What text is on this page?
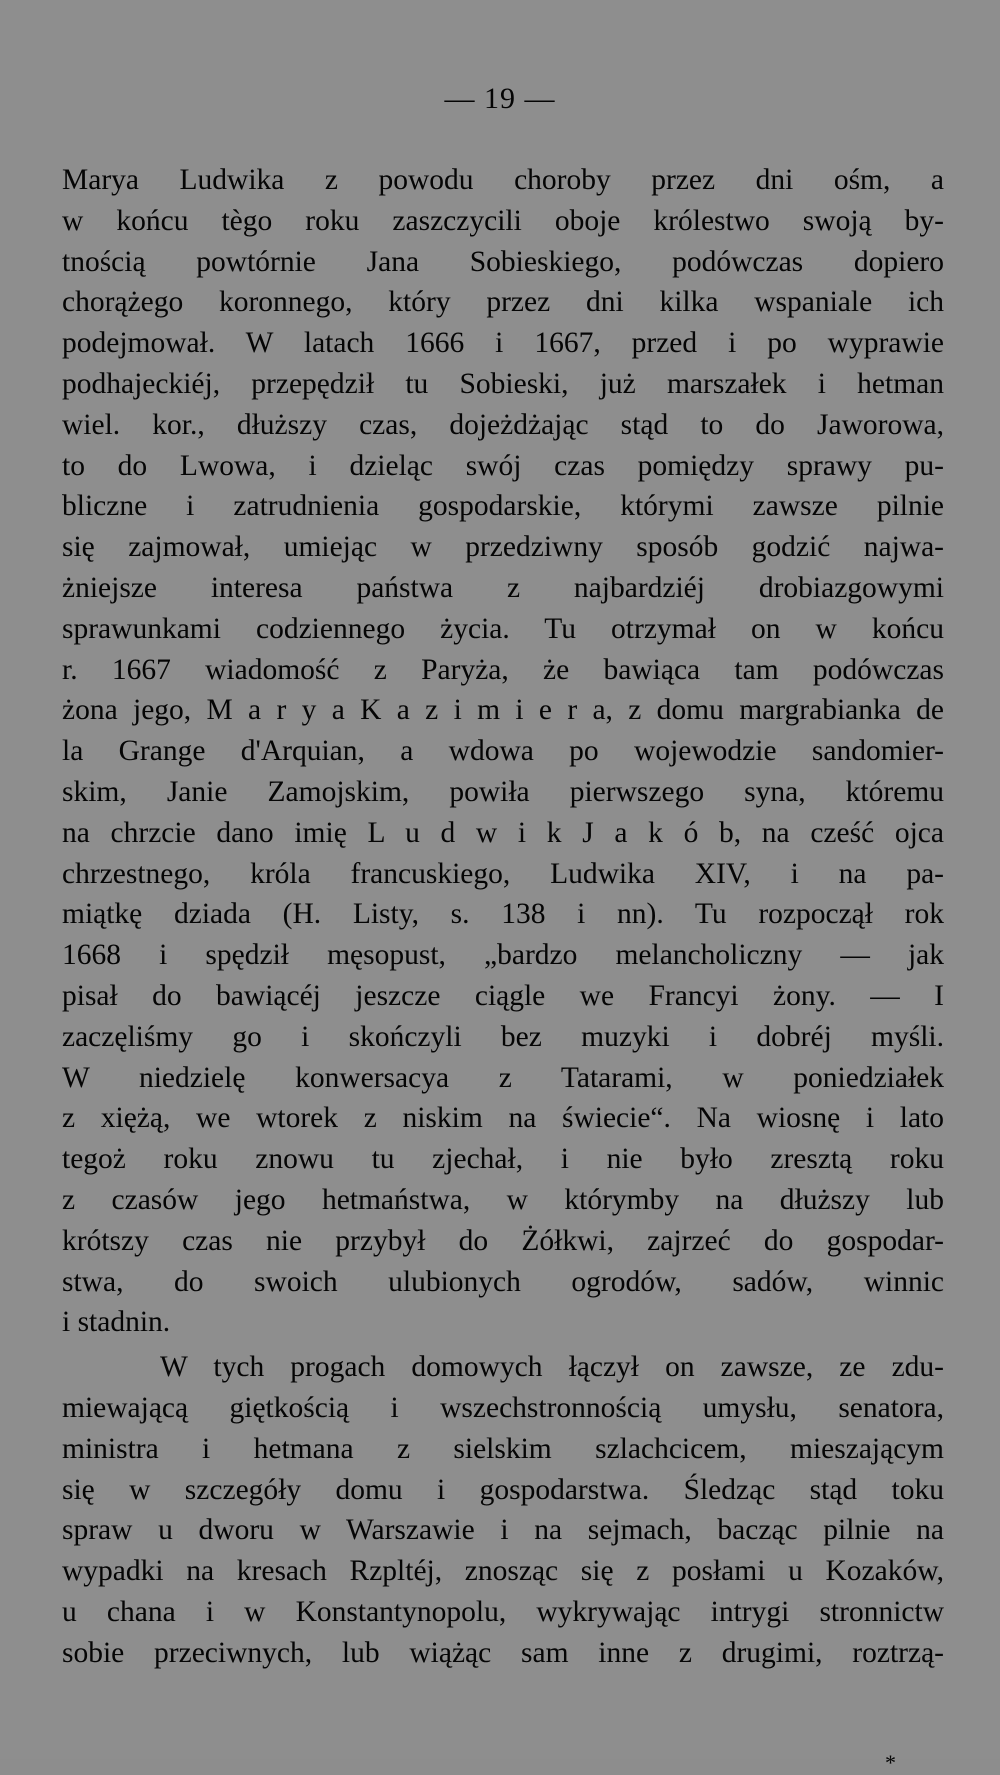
— 19 —
Marya Ludwika z powodu choroby przez dni ośm, a
w końcu tègo roku zaszczycili oboje królestwo swoją by-
tnością powtórnie Jana Sobieskiego, podówczas dopiero
chorążego koronnego, który przez dni kilka wspaniale ich
podejmował. W latach 1666 i 1667, przed i po wyprawie
podhajeckiéj, przepędził tu Sobieski, już marszałek i hetman
wiel. kor., dłuższy czas, dojeżdżając stąd to do Jaworowa,
to do Lwowa, i dzieląc swój czas pomiędzy sprawy pu-
bliczne i zatrudnienia gospodarskie, którymi zawsze pilnie
się zajmował, umiejąc w przedziwny sposób godzić najwa-
żniejsze interesa państwa z najbardziéj drobiazgowymi
sprawunkami codziennego życia. Tu otrzymał on w końcu
r. 1667 wiadomość z Paryża, że bawiąca tam podówczas
żona jego, M a r y a K a z i m i e r a, z domu margrabianka de
la Grange d'Arquian, a wdowa po wojewodzie sandomier-
skim, Janie Zamojskim, powiła pierwszego syna, któremu
na chrzcie dano imię L u d w i k J a k ó b, na cześć ojca
chrzestnego, króla francuskiego, Ludwika XIV, i na pa-
miątkę dziada (H. Listy, s. 138 i nn). Tu rozpoczął rok
1668 i spędził męsopust, „bardzo melancholiczny — jak
pisał do bawiącéj jeszcze ciągle we Francyi żony. — I
zaczęliśmy go i skończyli bez muzyki i dobréj myśli.
W niedzielę konwersacya z Tatarami, w poniedziałek
z xiężą, we wtorek z niskim na świecie“. Na wiosnę i lato
tegoż roku znowu tu zjechał, i nie było zresztą roku
z czasów jego hetmaństwa, w którymby na dłuższy lub
krótszy czas nie przybył do Żółkwi, zajrzeć do gospodar-
stwa, do swoich ulubionych ogrodów, sadów, winnic
i stadnin.
W tych progach domowych łączył on zawsze, ze zdu-
miewającą giętkością i wszechstronnością umysłu, senatora,
ministra i hetmana z sielskim szlachcicem, mieszającym
się w szczegóły domu i gospodarstwa. Śledząc stąd toku
spraw u dworu w Warszawie i na sejmach, bacząc pilnie na
wypadki na kresach Rzpltéj, znosząc się z posłami u Kozaków,
u chana i w Konstantynopolu, wykrywając intrygi stronnictw
sobie przeciwnych, lub wiążąc sam inne z drugimi, roztrzą-
*
